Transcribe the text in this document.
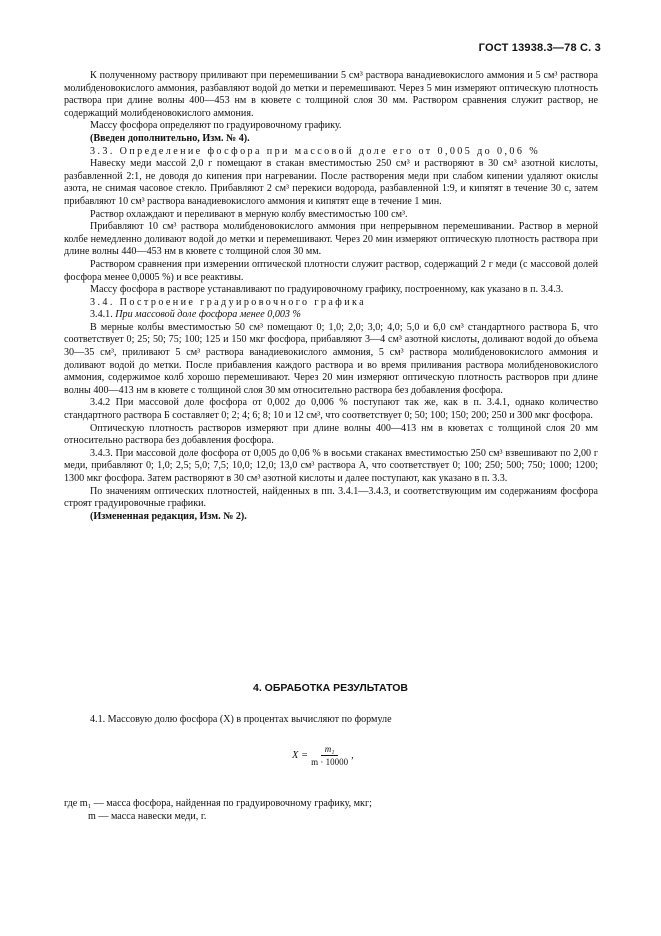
ГОСТ 13938.3—78 С. 3

К полученному раствору приливают при перемешивании 5 см³ раствора ванадиевокислого аммония и 5 см³ раствора молибденовокислого аммония, разбавляют водой до метки и перемешивают. Через 5 мин измеряют оптическую плотность раствора при длине волны 400—453 нм в кювете с толщиной слоя 30 мм. Раствором сравнения служит раствор, не содержащий молибденовокислого аммония.

Массу фосфора определяют по градуировочному графику.

(Введен дополнительно, Изм. № 4).

3.3. Определение фосфора при массовой доле его от 0,005 до 0,06 %

Навеску меди массой 2,0 г помещают в стакан вместимостью 250 см³ и растворяют в 30 см³ азотной кислоты, разбавленной 2:1, не доводя до кипения при нагревании. После растворения меди при слабом кипении удаляют окислы азота, не снимая часовое стекло. Прибавляют 2 см³ перекиси водорода, разбавленной 1:9, и кипятят в течение 30 с, затем прибавляют 10 см³ раствора ванадиевокислого аммония и кипятят еще в течение 1 мин.

Раствор охлаждают и переливают в мерную колбу вместимостью 100 см³.

Прибавляют 10 см³ раствора молибденовокислого аммония при непрерывном перемешивании. Раствор в мерной колбе немедленно доливают водой до метки и перемешивают. Через 20 мин измеряют оптическую плотность раствора при длине волны 440—453 нм в кювете с толщиной слоя 30 мм.

Раствором сравнения при измерении оптической плотности служит раствор, содержащий 2 г меди (с массовой долей фосфора менее 0,0005 %) и все реактивы.

Массу фосфора в растворе устанавливают по градуировочному графику, построенному, как указано в п. 3.4.3.

3.4. Построение градуировочного графика

3.4.1. При массовой доле фосфора менее 0,003 %

В мерные колбы вместимостью 50 см³ помещают 0; 1,0; 2,0; 3,0; 4,0; 5,0 и 6,0 см³ стандартного раствора Б, что соответствует 0; 25; 50; 75; 100; 125 и 150 мкг фосфора, прибавляют 3—4 см³ азотной кислоты, доливают водой до объема 30—35 см³, приливают 5 см³ раствора ванадиевокислого аммония, 5 см³ раствора молибденовокислого аммония и доливают водой до метки. После прибавления каждого раствора и во время приливания раствора молибденовокислого аммония, содержимое колб хорошо перемешивают. Через 20 мин измеряют оптическую плотность растворов при длине волны 400—413 нм в кювете с толщиной слоя 30 мм относительно раствора без добавления фосфора.

3.4.2 При массовой доле фосфора от 0,002 до 0,006 % поступают так же, как в п. 3.4.1, однако количество стандартного раствора Б составляет 0; 2; 4; 6; 8; 10 и 12 см³, что соответствует 0; 50; 100; 150; 200; 250 и 300 мкг фосфора.

Оптическую плотность растворов измеряют при длине волны 400—413 нм в кюветах с толщиной слоя 20 мм относительно раствора без добавления фосфора.

3.4.3. При массовой доле фосфора от 0,005 до 0,06 % в восьми стаканах вместимостью 250 см³ взвешивают по 2,00 г меди, прибавляют 0; 1,0; 2,5; 5,0; 7,5; 10,0; 12,0; 13,0 см³ раствора А, что соответствует 0; 100; 250; 500; 750; 1000; 1200; 1300 мкг фосфора. Затем растворяют в 30 см³ азотной кислоты и далее поступают, как указано в п. 3.3.

По значениям оптических плотностей, найденных в пп. 3.4.1—3.4.3, и соответствующим им содержаниям фосфора строят градуировочные графики.

(Измененная редакция, Изм. № 2).

4. ОБРАБОТКА РЕЗУЛЬТАТОВ
4.1. Массовую долю фосфора (X) в процентах вычисляют по формуле
$X = \frac{\text{m₁}}{m \cdot 10000}$ ,
где m₁ — масса фосфора, найденная по градуировочному графику, мкг;
m — масса навески меди, г.
